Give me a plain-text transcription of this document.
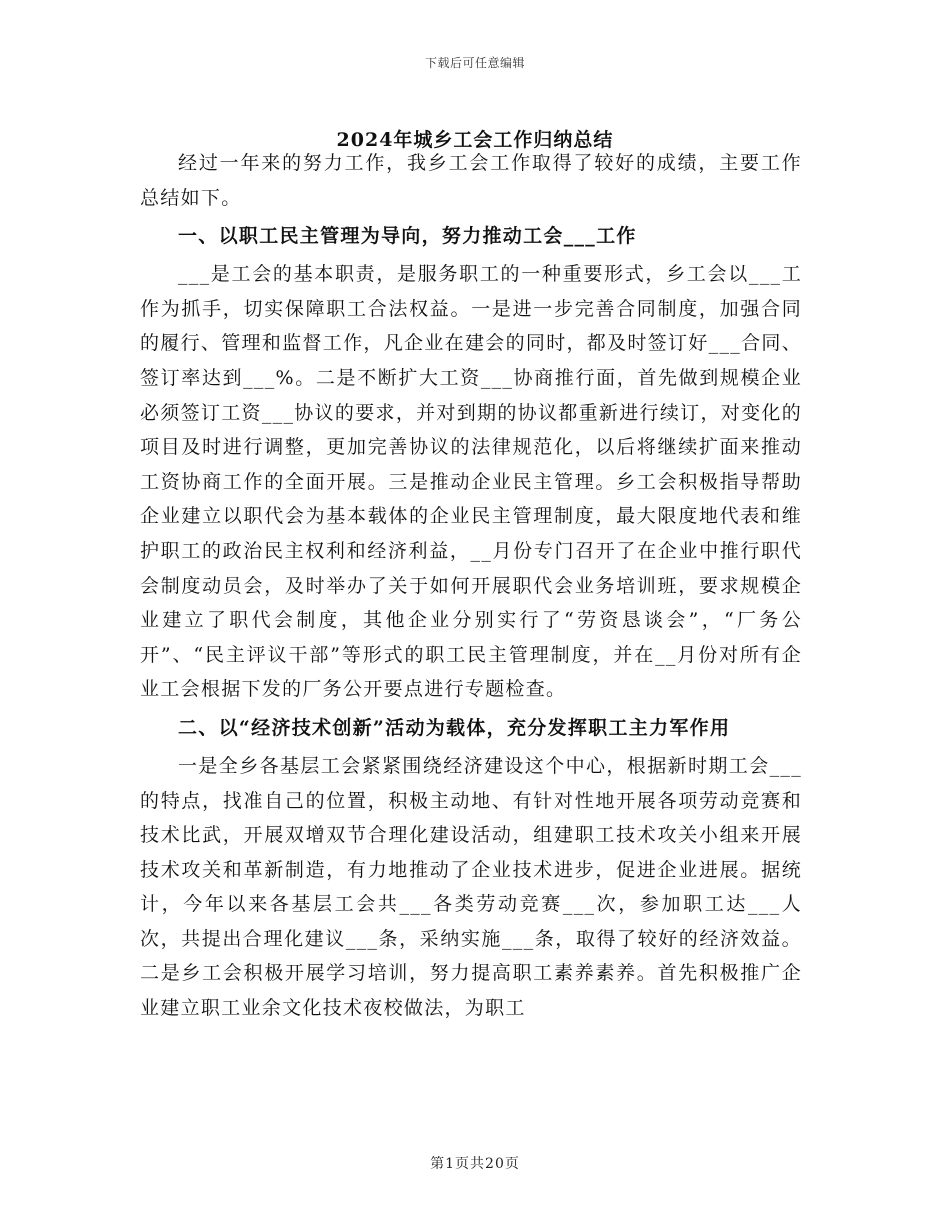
下载后可任意编辑
2024年城乡工会工作归纳总结

经过一年来的努力工作，我乡工会工作取得了较好的成绩，主要工作总结如下。

一、以职工民主管理为导向，努力推动工会___工作

___是工会的基本职责，是服务职工的一种重要形式，乡工会以___工作为抓手，切实保障职工合法权益。一是进一步完善合同制度，加强合同的履行、管理和监督工作，凡企业在建会的同时，都及时签订好___合同、签订率达到___%。二是不断扩大工资___协商推行面，首先做到规模企业必须签订工资___协议的要求，并对到期的协议都重新进行续订，对变化的项目及时进行调整，更加完善协议的法律规范化，以后将继续扩面来推动工资协商工作的全面开展。三是推动企业民主管理。乡工会积极指导帮助企业建立以职代会为基本载体的企业民主管理制度，最大限度地代表和维护职工的政治民主权利和经济利益，__月份专门召开了在企业中推行职代会制度动员会，及时举办了关于如何开展职代会业务培训班，要求规模企业建立了职代会制度，其他企业分别实行了“劳资恳谈会”，“厂务公开”、“民主评议干部”等形式的职工民主管理制度，并在__月份对所有企业工会根据下发的厂务公开要点进行专题检查。

二、以“经济技术创新”活动为载体，充分发挥职工主力军作用

一是全乡各基层工会紧紧围绕经济建设这个中心，根据新时期工会___的特点，找准自己的位置，积极主动地、有针对性地开展各项劳动竞赛和技术比武，开展双增双节合理化建设活动，组建职工技术攻关小组来开展技术攻关和革新制造，有力地推动了企业技术进步，促进企业进展。据统计，今年以来各基层工会共___各类劳动竞赛___次，参加职工达___人次，共提出合理化建议___条，采纳实施___条，取得了较好的经济效益。二是乡工会积极开展学习培训，努力提高职工素养素养。首先积极推广企业建立职工业余文化技术夜校做法，为职工

第1页共20页
